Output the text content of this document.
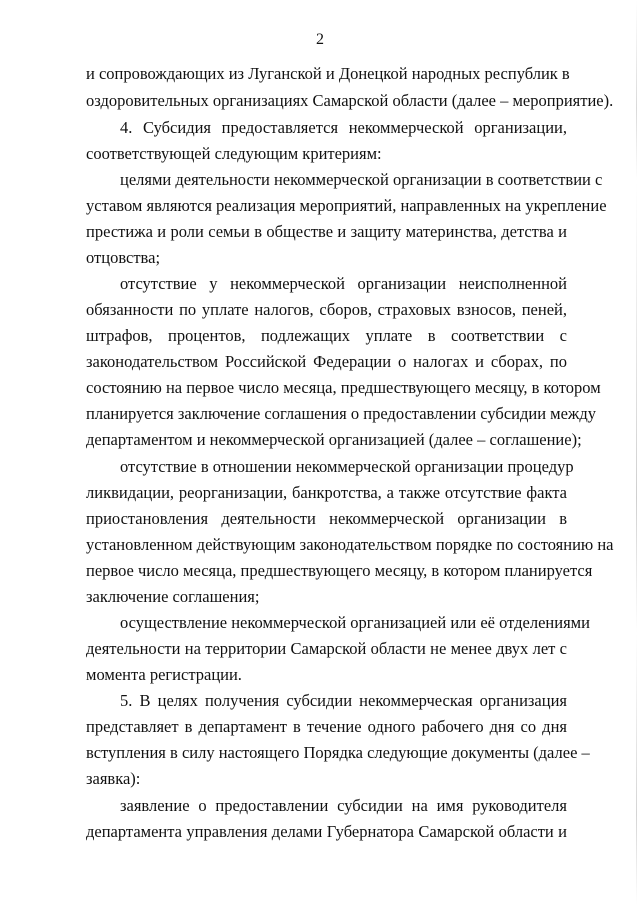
2
и сопровождающих из Луганской и Донецкой народных республик в
оздоровительных организациях Самарской области (далее – мероприятие).
4. Субсидия предоставляется некоммерческой организации,
соответствующей следующим критериям:
целями деятельности некоммерческой организации в соответствии с
уставом являются реализация мероприятий, направленных на укрепление
престижа и роли семьи в обществе и защиту материнства, детства и
отцовства;
отсутствие у некоммерческой организации неисполненной
обязанности по уплате налогов, сборов, страховых взносов, пеней,
штрафов, процентов, подлежащих уплате в соответствии с
законодательством Российской Федерации о налогах и сборах, по
состоянию на первое число месяца, предшествующего месяцу, в котором
планируется заключение соглашения о предоставлении субсидии между
департаментом и некоммерческой организацией (далее – соглашение);
отсутствие в отношении некоммерческой организации процедур
ликвидации, реорганизации, банкротства, а также отсутствие факта
приостановления деятельности некоммерческой организации в
установленном действующим законодательством порядке по состоянию на
первое число месяца, предшествующего месяцу, в котором планируется
заключение соглашения;
осуществление некоммерческой организацией или её отделениями
деятельности на территории Самарской области не менее двух лет с
момента регистрации.
5. В целях получения субсидии некоммерческая организация
представляет в департамент в течение одного рабочего дня со дня
вступления в силу настоящего Порядка следующие документы (далее –
заявка):
заявление о предоставлении субсидии на имя руководителя
департамента управления делами Губернатора Самарской области и
